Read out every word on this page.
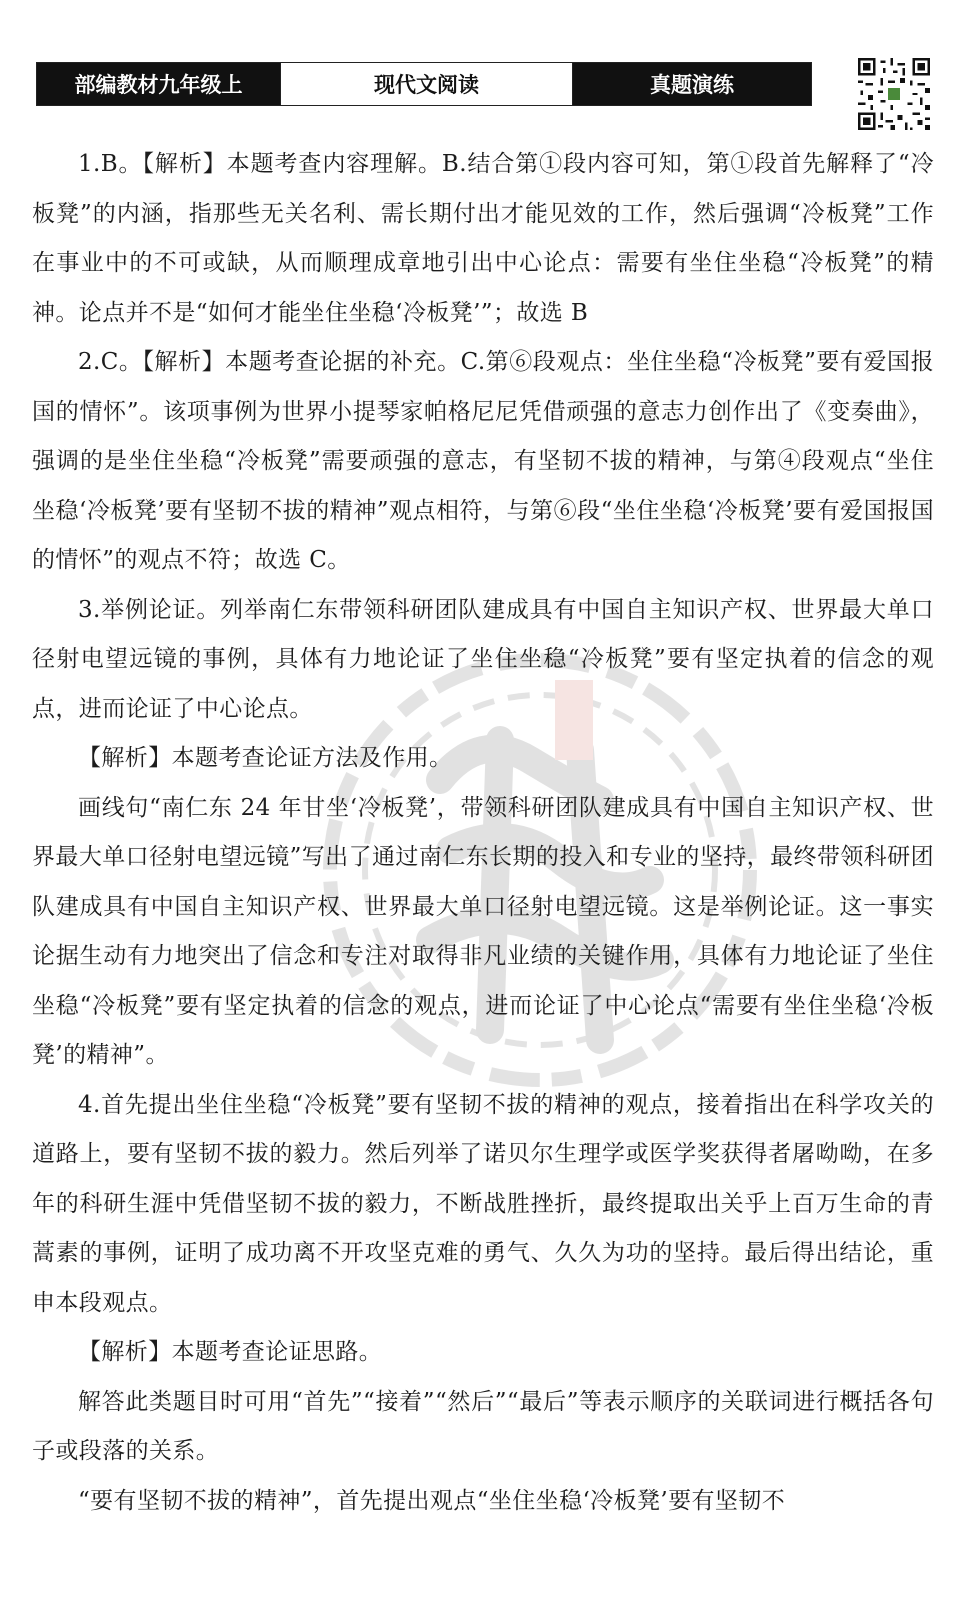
部编教材九年级上	现代文阅读	真题演练

1.B。【解析】本题考查内容理解。B.结合第①段内容可知，第①段首先解释了“冷板凳”的内涵，指那些无关名利、需长期付出才能见效的工作，然后强调“冷板凳”工作在事业中的不可或缺，从而顺理成章地引出中心论点：需要有坐住坐稳“冷板凳”的精神。论点并不是“如何才能坐住坐稳‘冷板凳’”；故选 B

2.C。【解析】本题考查论据的补充。C.第⑥段观点：坐住坐稳“冷板凳”要有爱国报国的情怀”。该项事例为世界小提琴家帕格尼尼凭借顽强的意志力创作出了《变奏曲》，强调的是坐住坐稳“冷板凳”需要顽强的意志，有坚韧不拔的精神，与第④段观点“坐住坐稳‘冷板凳’要有坚韧不拔的精神”观点相符，与第⑥段“坐住坐稳‘冷板凳’要有爱国报国的情怀”的观点不符；故选 C。

3.举例论证。列举南仁东带领科研团队建成具有中国自主知识产权、世界最大单口径射电望远镜的事例，具体有力地论证了坐住坐稳“冷板凳”要有坚定执着的信念的观点，进而论证了中心论点。

【解析】本题考查论证方法及作用。

画线句“南仁东 24 年甘坐‘冷板凳’，带领科研团队建成具有中国自主知识产权、世界最大单口径射电望远镜”写出了通过南仁东长期的投入和专业的坚持，最终带领科研团队建成具有中国自主知识产权、世界最大单口径射电望远镜。这是举例论证。这一事实论据生动有力地突出了信念和专注对取得非凡业绩的关键作用，具体有力地论证了坐住坐稳“冷板凳”要有坚定执着的信念的观点，进而论证了中心论点“需要有坐住坐稳‘冷板凳’的精神”。

4.首先提出坐住坐稳“冷板凳”要有坚韧不拔的精神的观点，接着指出在科学攻关的道路上，要有坚韧不拔的毅力。然后列举了诺贝尔生理学或医学奖获得者屠呦呦，在多年的科研生涯中凭借坚韧不拔的毅力，不断战胜挫折，最终提取出关乎上百万生命的青蒿素的事例，证明了成功离不开攻坚克难的勇气、久久为功的坚持。最后得出结论，重申本段观点。

【解析】本题考查论证思路。

解答此类题目时可用“首先”“接着”“然后”“最后”等表示顺序的关联词进行概括各句子或段落的关系。

“要有坚韧不拔的精神”，首先提出观点“坐住坐稳‘冷板凳’要有坚韧不
